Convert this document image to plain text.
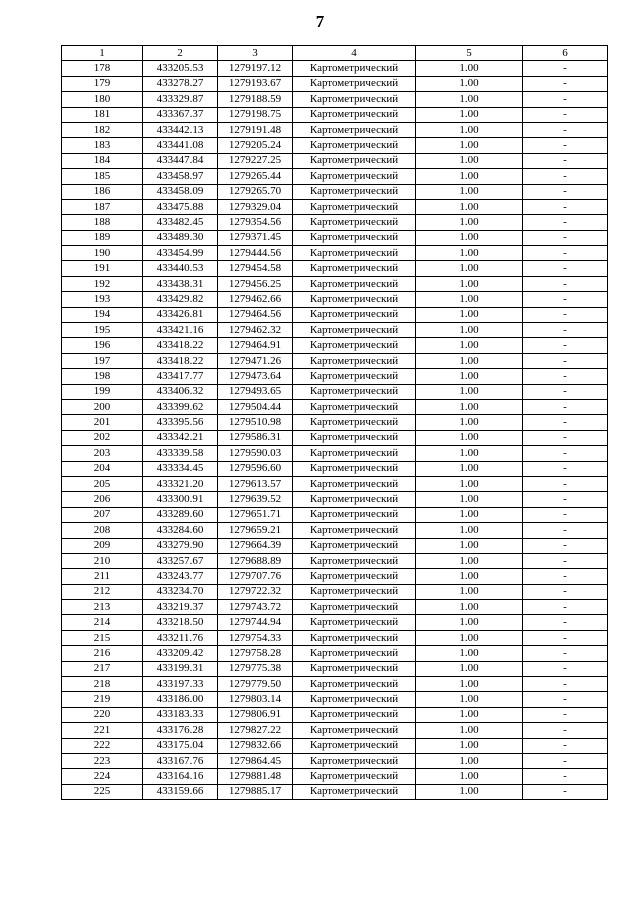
7
1	2	3	4	5	6
178	433205.53	1279197.12	Картометрический	1.00	-
179	433278.27	1279193.67	Картометрический	1.00	-
180	433329.87	1279188.59	Картометрический	1.00	-
181	433367.37	1279198.75	Картометрический	1.00	-
182	433442.13	1279191.48	Картометрический	1.00	-
183	433441.08	1279205.24	Картометрический	1.00	-
184	433447.84	1279227.25	Картометрический	1.00	-
185	433458.97	1279265.44	Картометрический	1.00	-
186	433458.09	1279265.70	Картометрический	1.00	-
187	433475.88	1279329.04	Картометрический	1.00	-
188	433482.45	1279354.56	Картометрический	1.00	-
189	433489.30	1279371.45	Картометрический	1.00	-
190	433454.99	1279444.56	Картометрический	1.00	-
191	433440.53	1279454.58	Картометрический	1.00	-
192	433438.31	1279456.25	Картометрический	1.00	-
193	433429.82	1279462.66	Картометрический	1.00	-
194	433426.81	1279464.56	Картометрический	1.00	-
195	433421.16	1279462.32	Картометрический	1.00	-
196	433418.22	1279464.91	Картометрический	1.00	-
197	433418.22	1279471.26	Картометрический	1.00	-
198	433417.77	1279473.64	Картометрический	1.00	-
199	433406.32	1279493.65	Картометрический	1.00	-
200	433399.62	1279504.44	Картометрический	1.00	-
201	433395.56	1279510.98	Картометрический	1.00	-
202	433342.21	1279586.31	Картометрический	1.00	-
203	433339.58	1279590.03	Картометрический	1.00	-
204	433334.45	1279596.60	Картометрический	1.00	-
205	433321.20	1279613.57	Картометрический	1.00	-
206	433300.91	1279639.52	Картометрический	1.00	-
207	433289.60	1279651.71	Картометрический	1.00	-
208	433284.60	1279659.21	Картометрический	1.00	-
209	433279.90	1279664.39	Картометрический	1.00	-
210	433257.67	1279688.89	Картометрический	1.00	-
211	433243.77	1279707.76	Картометрический	1.00	-
212	433234.70	1279722.32	Картометрический	1.00	-
213	433219.37	1279743.72	Картометрический	1.00	-
214	433218.50	1279744.94	Картометрический	1.00	-
215	433211.76	1279754.33	Картометрический	1.00	-
216	433209.42	1279758.28	Картометрический	1.00	-
217	433199.31	1279775.38	Картометрический	1.00	-
218	433197.33	1279779.50	Картометрический	1.00	-
219	433186.00	1279803.14	Картометрический	1.00	-
220	433183.33	1279806.91	Картометрический	1.00	-
221	433176.28	1279827.22	Картометрический	1.00	-
222	433175.04	1279832.66	Картометрический	1.00	-
223	433167.76	1279864.45	Картометрический	1.00	-
224	433164.16	1279881.48	Картометрический	1.00	-
225	433159.66	1279885.17	Картометрический	1.00	-
